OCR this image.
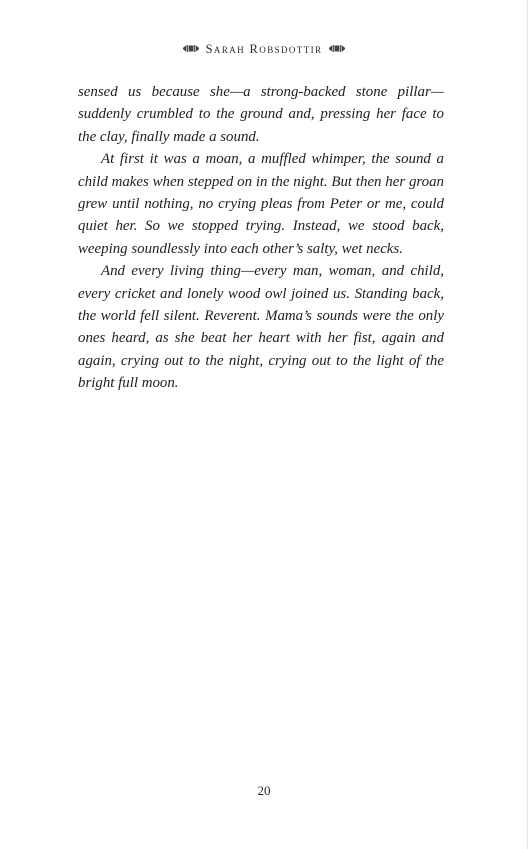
Sarah Robsdottir

sensed us because she—a strong-backed stone pillar—suddenly crumbled to the ground and, pressing her face to the clay, finally made a sound.

At first it was a moan, a muffled whimper, the sound a child makes when stepped on in the night. But then her groan grew until nothing, no crying pleas from Peter or me, could quiet her. So we stopped trying. Instead, we stood back, weeping soundlessly into each other’s salty, wet necks.

And every living thing—every man, woman, and child, every cricket and lonely wood owl joined us. Standing back, the world fell silent. Reverent. Mama’s sounds were the only ones heard, as she beat her heart with her fist, again and again, crying out to the night, crying out to the light of the bright full moon.

20
